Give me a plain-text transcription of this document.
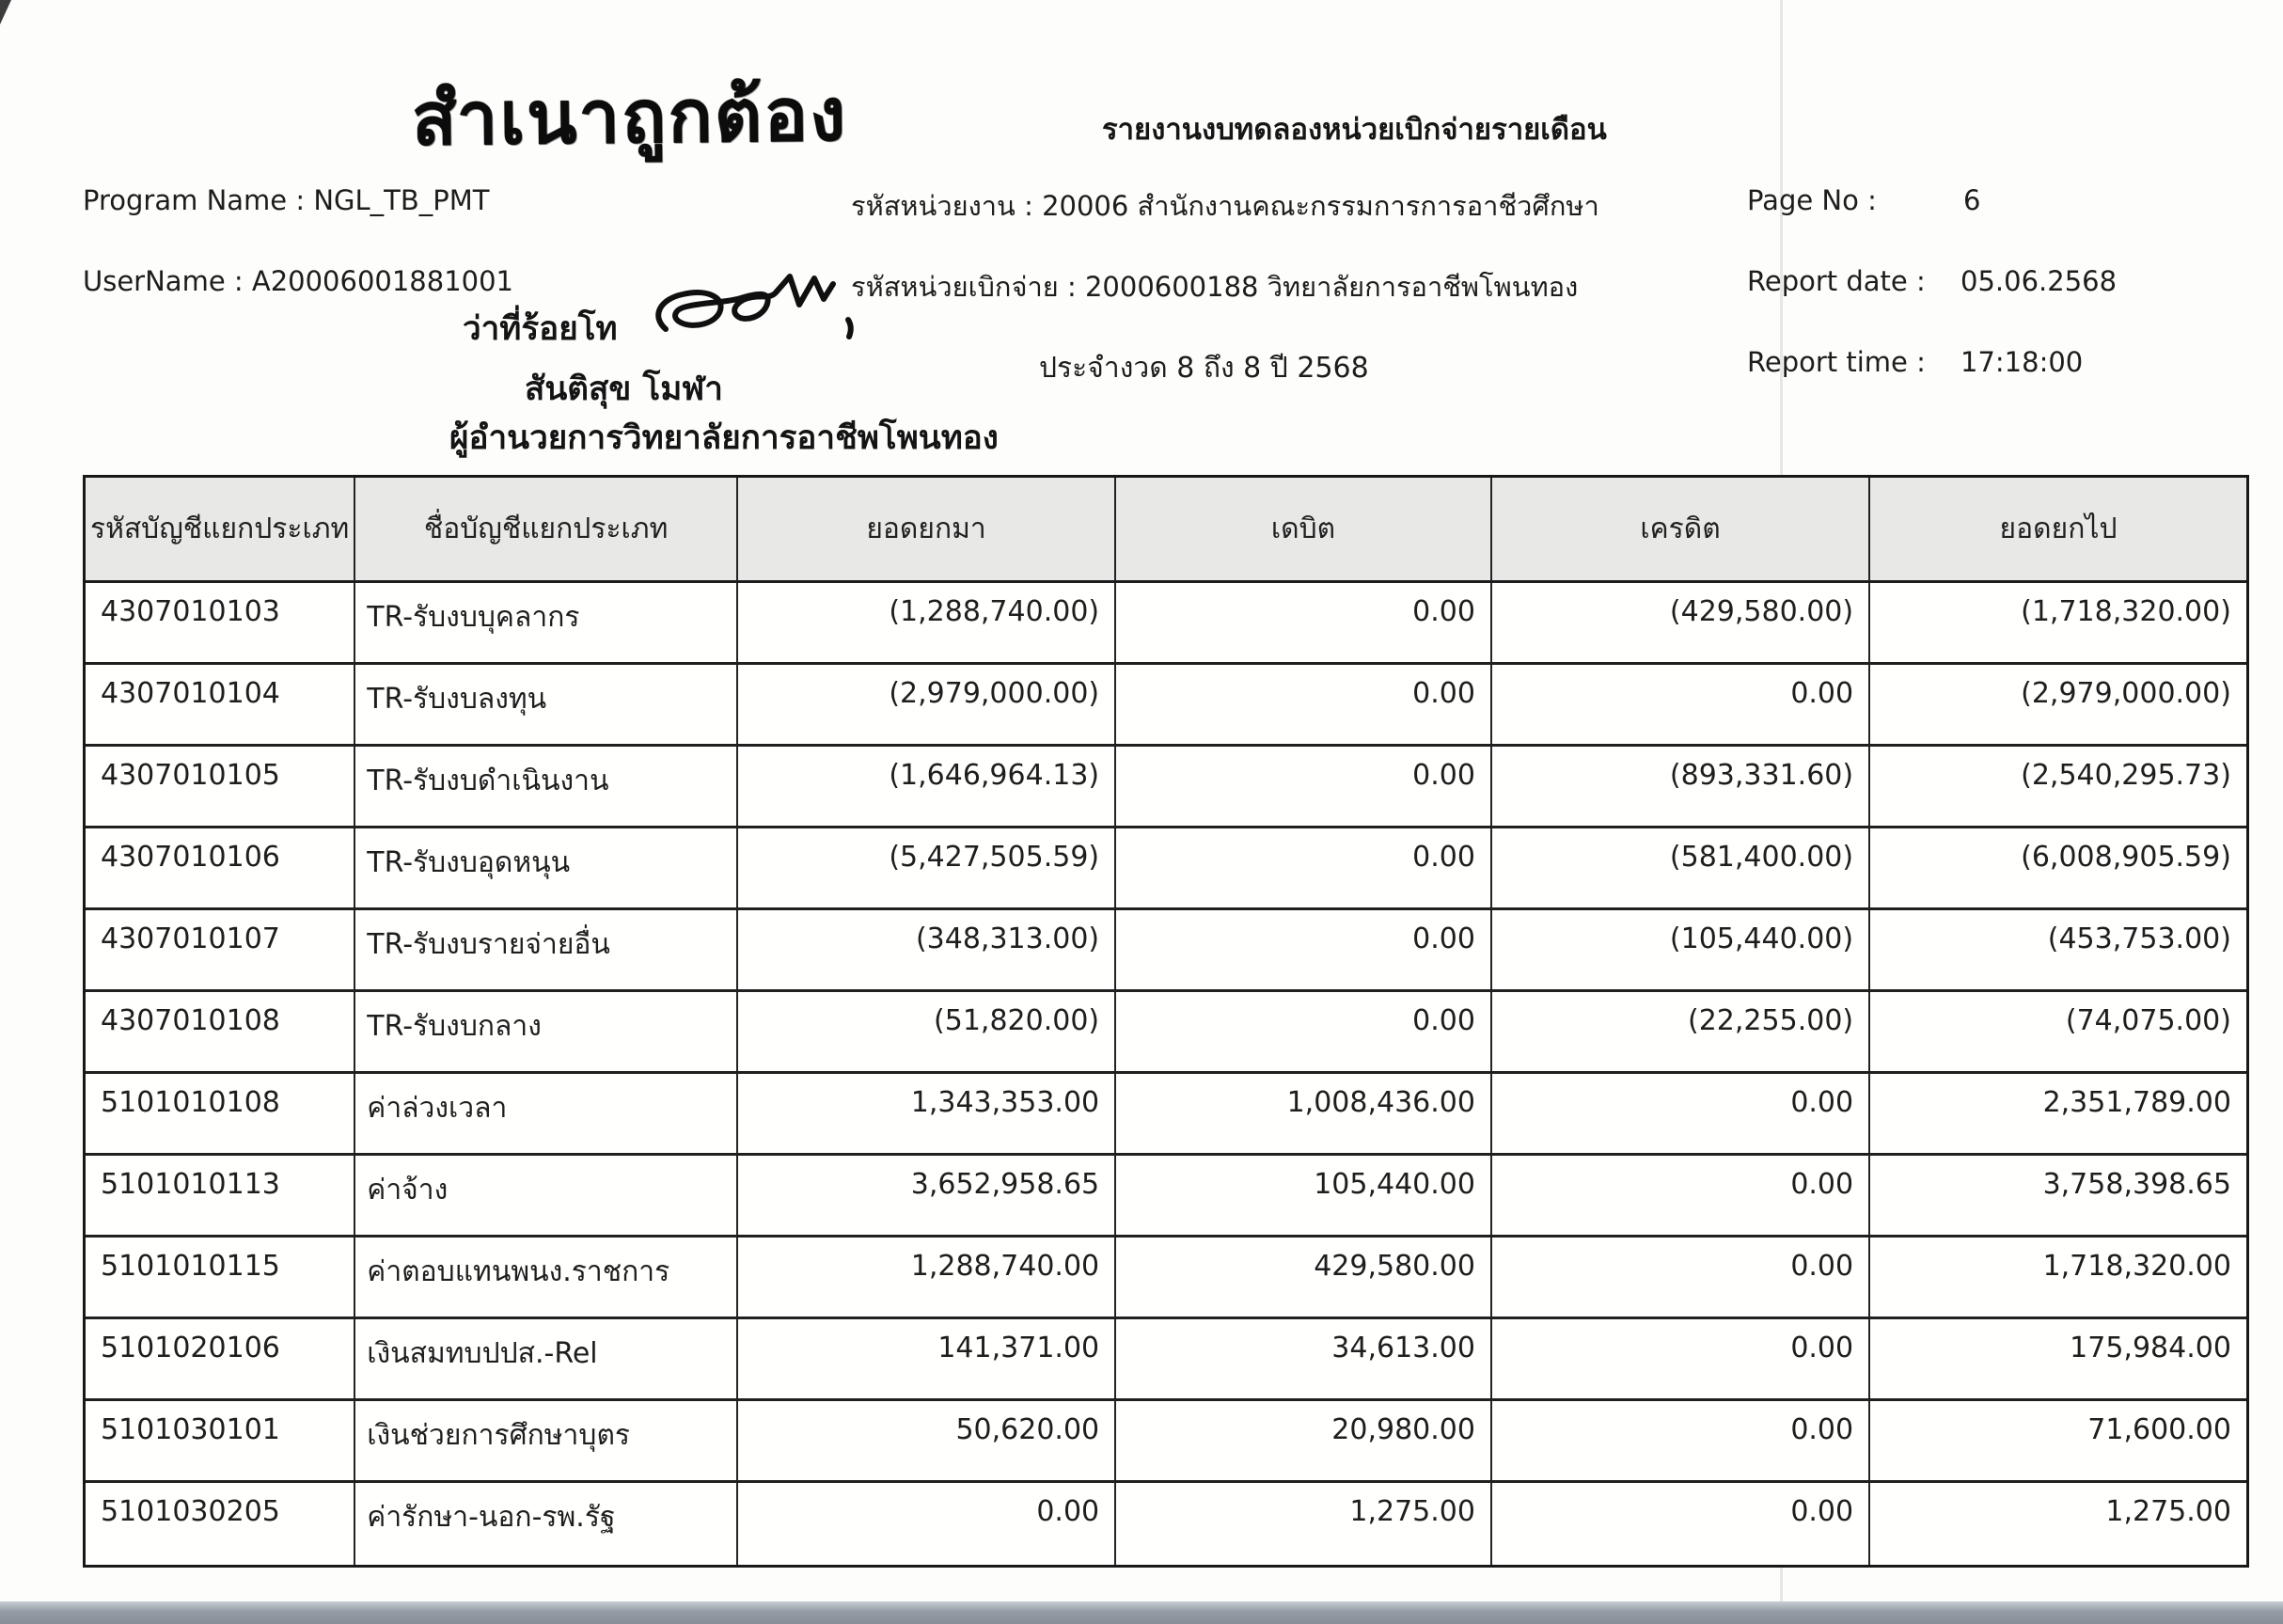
สำเนาถูกต้อง	รายงานงบทดลองหน่วยเบิกจ่ายรายเดือน
Program Name : NGL_TB_PMT
UserName : A20006001881001
รหัสหน่วยงาน : 20006 สำนักงานคณะกรรมการการอาชีวศึกษา
รหัสหน่วยเบิกจ่าย : 2000600188 วิทยาลัยการอาชีพโพนทอง
ประจำงวด 8 ถึง 8 ปี 2568
Page No :	6
Report date : 05.06.2568
Report time : 17:18:00
ว่าที่ร้อยโท
สันติสุข โมฬา
ผู้อำนวยการวิทยาลัยการอาชีพโพนทอง
รหัสบัญชีแยกประเภท	ชื่อบัญชีแยกประเภท	ยอดยกมา	เดบิต	เครดิต	ยอดยกไป
4307010103	TR-รับงบบุคลากร	(1,288,740.00)	0.00	(429,580.00)	(1,718,320.00)
4307010104	TR-รับงบลงทุน	(2,979,000.00)	0.00	0.00	(2,979,000.00)
4307010105	TR-รับงบดำเนินงาน	(1,646,964.13)	0.00	(893,331.60)	(2,540,295.73)
4307010106	TR-รับงบอุดหนุน	(5,427,505.59)	0.00	(581,400.00)	(6,008,905.59)
4307010107	TR-รับงบรายจ่ายอื่น	(348,313.00)	0.00	(105,440.00)	(453,753.00)
4307010108	TR-รับงบกลาง	(51,820.00)	0.00	(22,255.00)	(74,075.00)
5101010108	ค่าล่วงเวลา	1,343,353.00	1,008,436.00	0.00	2,351,789.00
5101010113	ค่าจ้าง	3,652,958.65	105,440.00	0.00	3,758,398.65
5101010115	ค่าตอบแทนพนง.ราชการ	1,288,740.00	429,580.00	0.00	1,718,320.00
5101020106	เงินสมทบปปส.-Rel	141,371.00	34,613.00	0.00	175,984.00
5101030101	เงินช่วยการศึกษาบุตร	50,620.00	20,980.00	0.00	71,600.00
5101030205	ค่ารักษา-นอก-รพ.รัฐ	0.00	1,275.00	0.00	1,275.00
